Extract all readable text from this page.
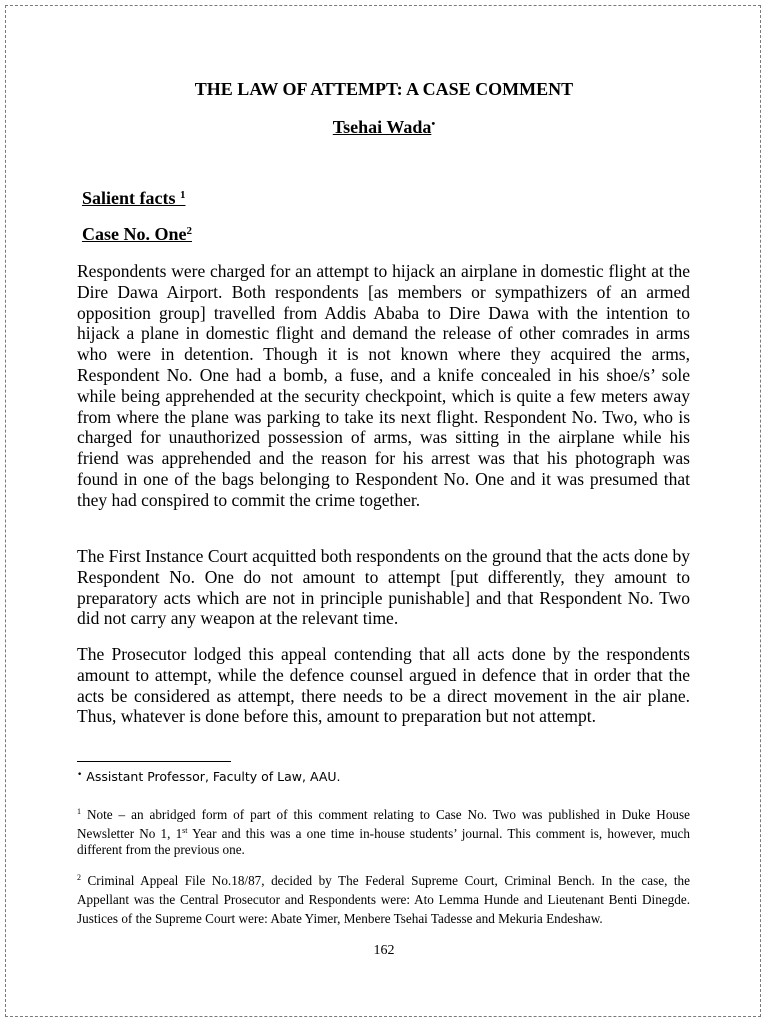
THE LAW OF ATTEMPT: A CASE COMMENT
Tsehai Wada•
Salient facts $^1$
Case No. One$^2$

Respondents were charged for an attempt to hijack an airplane in domestic flight at the Dire Dawa Airport. Both respondents [as members or sympathizers of an armed opposition group] travelled from Addis Ababa to Dire Dawa with the intention to hijack a plane in domestic flight and demand the release of other comrades in arms who were in detention. Though it is not known where they acquired the arms, Respondent No. One had a bomb, a fuse, and a knife concealed in his shoe/s’ sole while being apprehended at the security checkpoint, which is quite a few meters away from where the plane was parking to take its next flight. Respondent No. Two, who is charged for unauthorized possession of arms, was sitting in the airplane while his friend was apprehended and the reason for his arrest was that his photograph was found in one of the bags belonging to Respondent No. One and it was presumed that they had conspired to commit the crime together.

The First Instance Court acquitted both respondents on the ground that the acts done by Respondent No. One do not amount to attempt [put differently, they amount to preparatory acts which are not in principle punishable] and that Respondent No. Two did not carry any weapon at the relevant time.

The Prosecutor lodged this appeal contending that all acts done by the respondents amount to attempt, while the defence counsel argued in defence that in order that the acts be considered as attempt, there needs to be a direct movement in the air plane. Thus, whatever is done before this, amount to preparation but not attempt.

• Assistant Professor, Faculty of Law, AAU.

$^1$ Note – an abridged form of part of this comment relating to Case No. Two was published in Duke House Newsletter No 1, 1st Year and this was a one time in-house students’ journal. This comment is, however, much different from the previous one.

$^2$ Criminal Appeal File No.18/87, decided by The Federal Supreme Court, Criminal Bench. In the case, the Appellant was the Central Prosecutor and Respondents were: Ato Lemma Hunde and Lieutenant Benti Dinegde. Justices of the Supreme Court were: Abate Yimer, Menbere Tsehai Tadesse and Mekuria Endeshaw.

162
